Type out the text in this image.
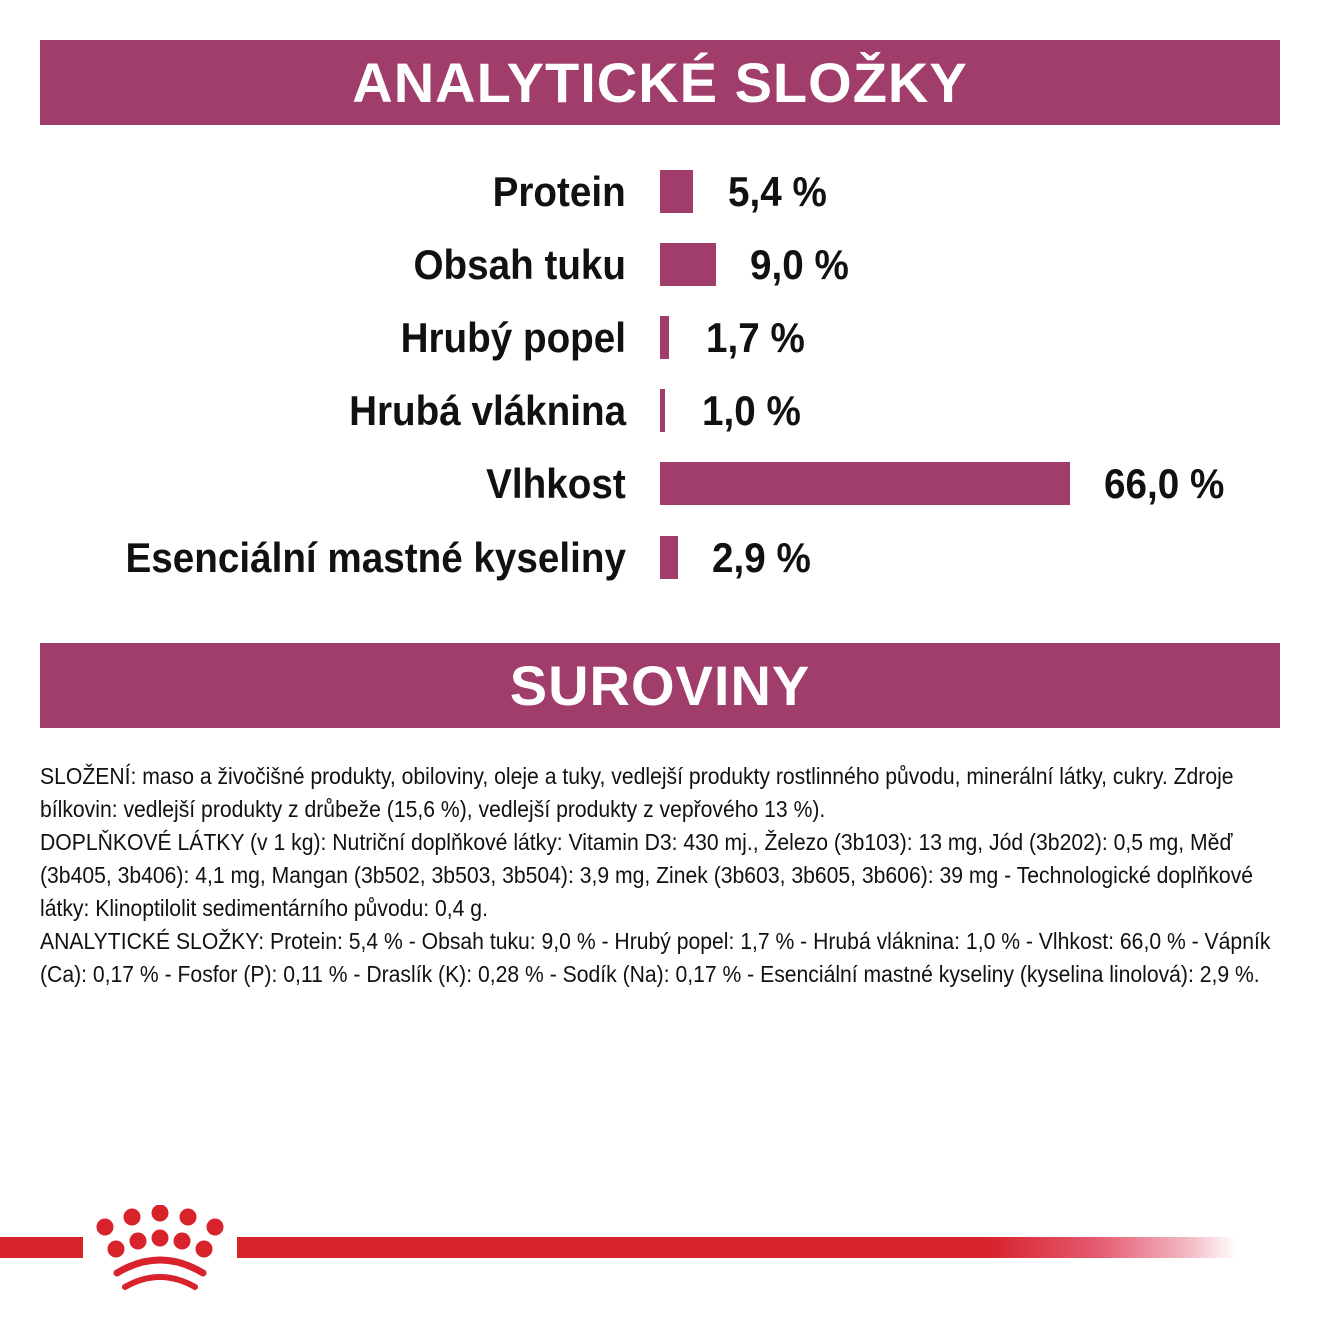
ANALYTICKÉ SLOŽKY
Protein 5,4 %
Obsah tuku	9,0 %
Hrubý popel 1,7 %
Hrubá vláknina 1,0 %
Vlhkost	66,0 %
Esenciální mastné kyseliny 2,9 %
SUROVINY

SLOŽENÍ: maso a živočišné produkty, obiloviny, oleje a tuky, vedlejší produkty rostlinného původu, minerální látky, cukry. Zdroje bílkovin: vedlejší produkty z drůbeže (15,6 %), vedlejší produkty z vepřového 13 %).

DOPLŇKOVÉ LÁTKY (v 1 kg): Nutriční doplňkové látky: Vitamin D3: 430 mj., Železo (3b103): 13 mg, Jód (3b202): 0,5 mg, Měď (3b405, 3b406): 4,1 mg, Mangan (3b502, 3b503, 3b504): 3,9 mg, Zinek (3b603, 3b605, 3b606): 39 mg - Technologické doplňkové látky: Klinoptilolit sedimentárního původu: 0,4 g.

ANALYTICKÉ SLOŽKY: Protein: 5,4 % - Obsah tuku: 9,0 % - Hrubý popel: 1,7 % - Hrubá vláknina: 1,0 % - Vlhkost: 66,0 % - Vápník (Ca): 0,17 % - Fosfor (P): 0,11 % - Draslík (K): 0,28 % - Sodík (Na): 0,17 % - Esenciální mastné kyseliny (kyselina linolová): 2,9 %.
